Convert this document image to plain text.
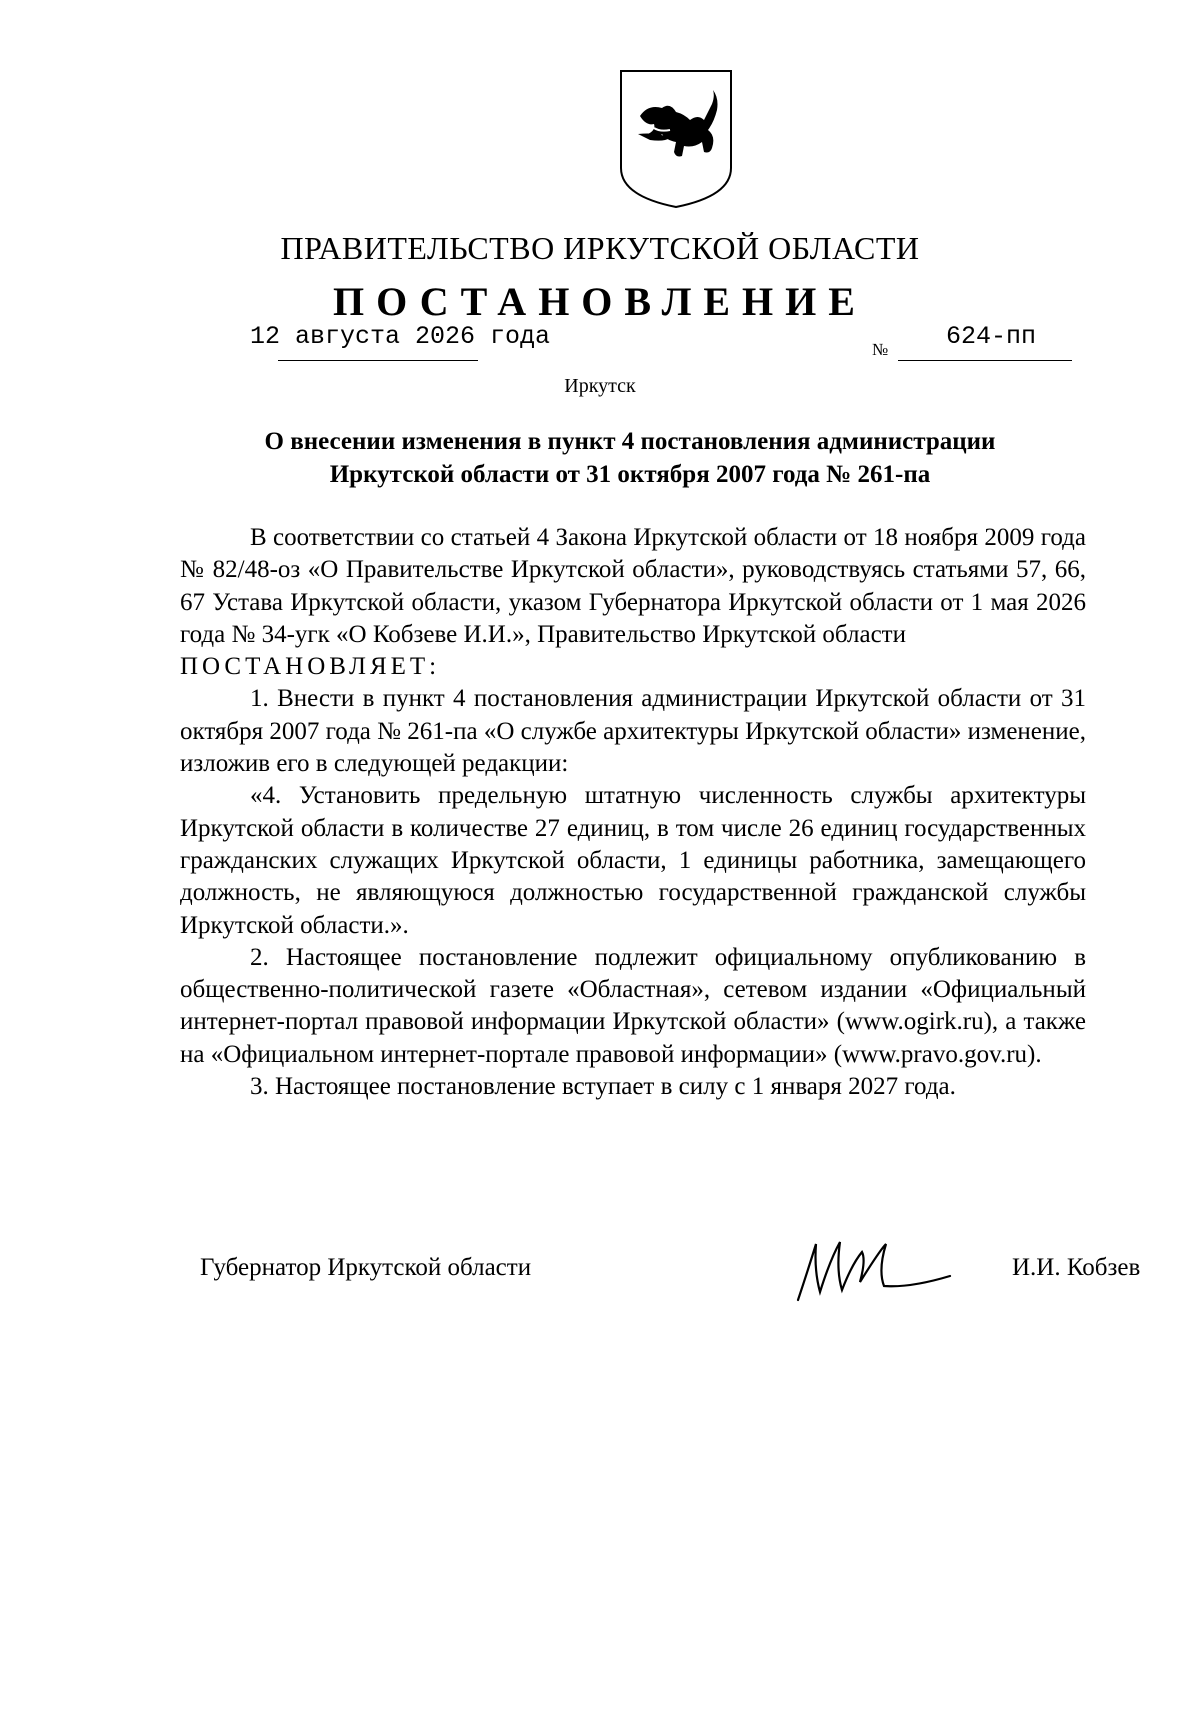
ПРАВИТЕЛЬСТВО ИРКУТСКОЙ ОБЛАСТИ
ПОСТАНОВЛЕНИЕ
12 августа 2026 года	№ 624-пп
Иркутск
О внесении изменения в пункт 4 постановления администрации
Иркутской области от 31 октября 2007 года № 261-па

В соответствии со статьей 4 Закона Иркутской области от 18 ноября 2009 года № 82/48-оз «О Правительстве Иркутской области», руководствуясь статьями 57, 66, 67 Устава Иркутской области, указом Губернатора Иркутской области от 1 мая 2026 года № 34-угк «О Кобзеве И.И.», Правительство Иркутской области

ПОСТАНОВЛЯЕТ:

1. Внести в пункт 4 постановления администрации Иркутской области от 31 октября 2007 года № 261-па «О службе архитектуры Иркутской области» изменение, изложив его в следующей редакции:

«4. Установить предельную штатную численность службы архитектуры Иркутской области в количестве 27 единиц, в том числе 26 единиц государственных гражданских служащих Иркутской области, 1 единицы работника, замещающего должность, не являющуюся должностью государственной гражданской службы Иркутской области.».

2. Настоящее постановление подлежит официальному опубликованию в общественно-политической газете «Областная», сетевом издании «Официальный интернет-портал правовой информации Иркутской области» (www.ogirk.ru), а также на «Официальном интернет-портале правовой информации» (www.pravo.gov.ru).

3. Настоящее постановление вступает в силу с 1 января 2027 года.

Губернатор Иркутской области	И.И. Кобзев
